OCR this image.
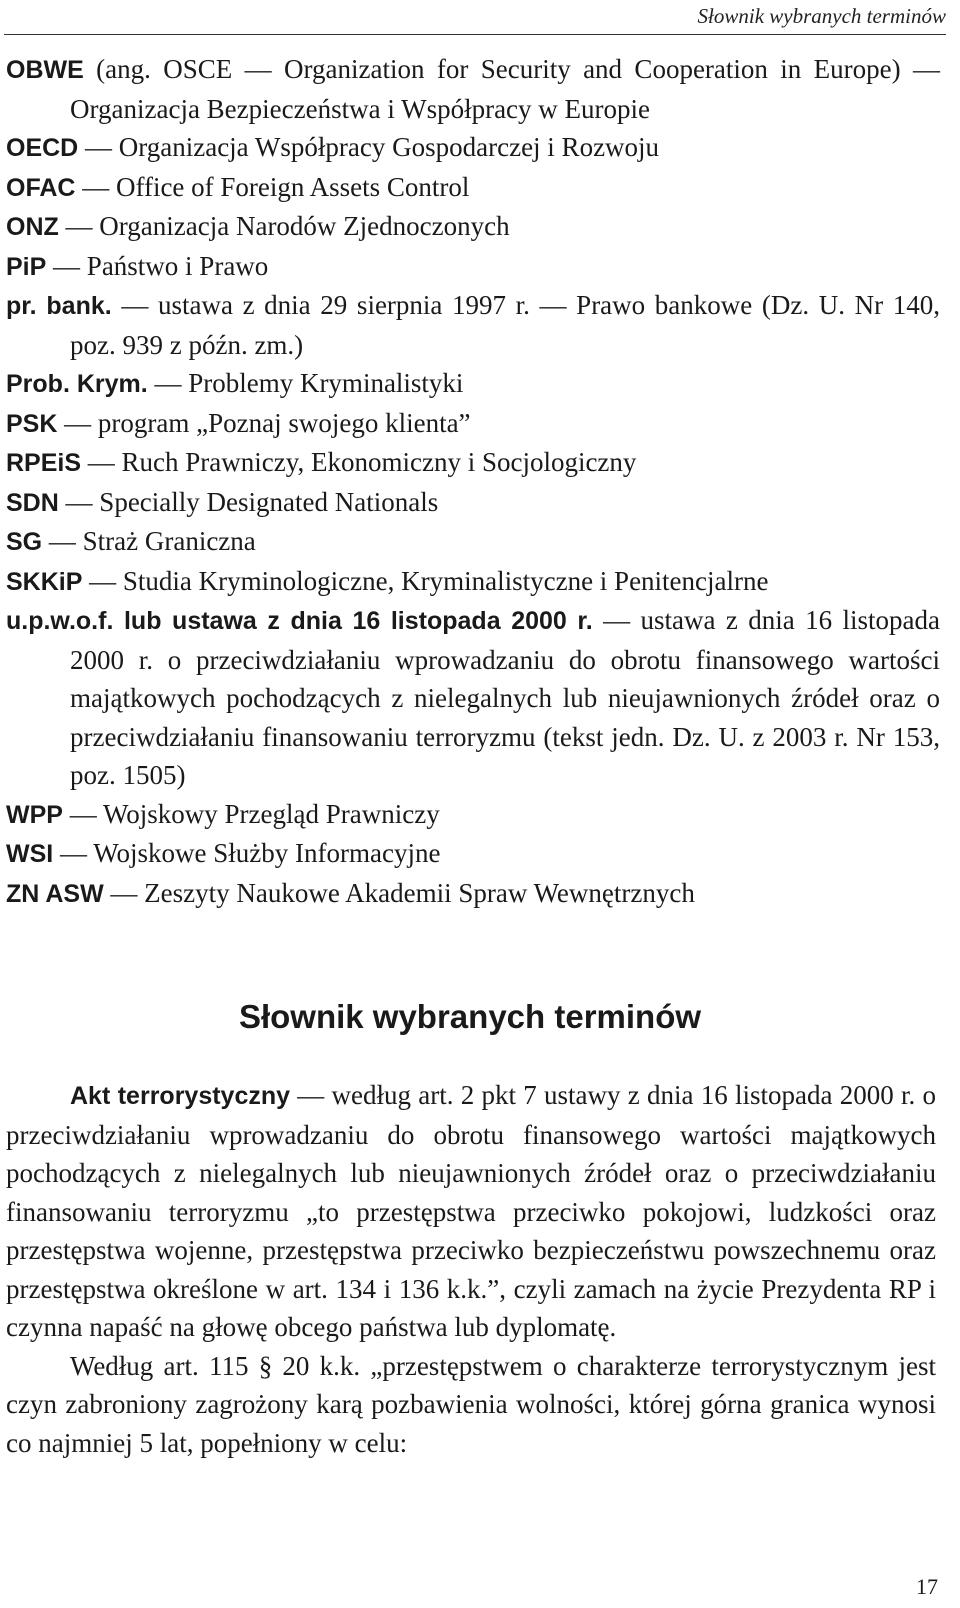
Słownik wybranych terminów

OBWE (ang. OSCE — Organization for Security and Cooperation in Europe) — Organizacja Bezpieczeństwa i Współpracy w Europie

OECD — Organizacja Współpracy Gospodarczej i Rozwoju

OFAC — Office of Foreign Assets Control

ONZ — Organizacja Narodów Zjednoczonych

PiP — Państwo i Prawo

pr. bank. — ustawa z dnia 29 sierpnia 1997 r. — Prawo bankowe (Dz. U. Nr 140, poz. 939 z późn. zm.)

Prob. Krym. — Problemy Kryminalistyki

PSK — program „Poznaj swojego klienta”

RPEiS — Ruch Prawniczy, Ekonomiczny i Socjologiczny

SDN — Specially Designated Nationals

SG — Straż Graniczna

SKKiP — Studia Kryminologiczne, Kryminalistyczne i Penitencjalrne

u.p.w.o.f. lub ustawa z dnia 16 listopada 2000 r. — ustawa z dnia 16 listopada 2000 r. o przeciwdziałaniu wprowadzaniu do obrotu finansowego wartości majątkowych pochodzących z nielegalnych lub nieujawnionych źródeł oraz o przeciwdziałaniu finansowaniu terroryzmu (tekst jedn. Dz. U. z 2003 r. Nr 153, poz. 1505)

WPP — Wojskowy Przegląd Prawniczy

WSI — Wojskowe Służby Informacyjne

ZN ASW — Zeszyty Naukowe Akademii Spraw Wewnętrznych

Słownik wybranych terminów

Akt terrorystyczny — według art. 2 pkt 7 ustawy z dnia 16 listopada 2000 r. o przeciwdziałaniu wprowadzaniu do obrotu finansowego wartości majątkowych pochodzących z nielegalnych lub nieujawnionych źródeł oraz o przeciwdziałaniu finansowaniu terroryzmu „to przestępstwa przeciwko pokojowi, ludzkości oraz przestępstwa wojenne, przestępstwa przeciwko bezpieczeństwu powszechnemu oraz przestępstwa określone w art. 134 i 136 k.k.”, czyli zamach na życie Prezydenta RP i czynna napaść na głowę obcego państwa lub dyplomatę.

Według art. 115 § 20 k.k. „przestępstwem o charakterze terrorystycznym jest czyn zabroniony zagrożony karą pozbawienia wolności, której górna granica wynosi co najmniej 5 lat, popełniony w celu:

17
